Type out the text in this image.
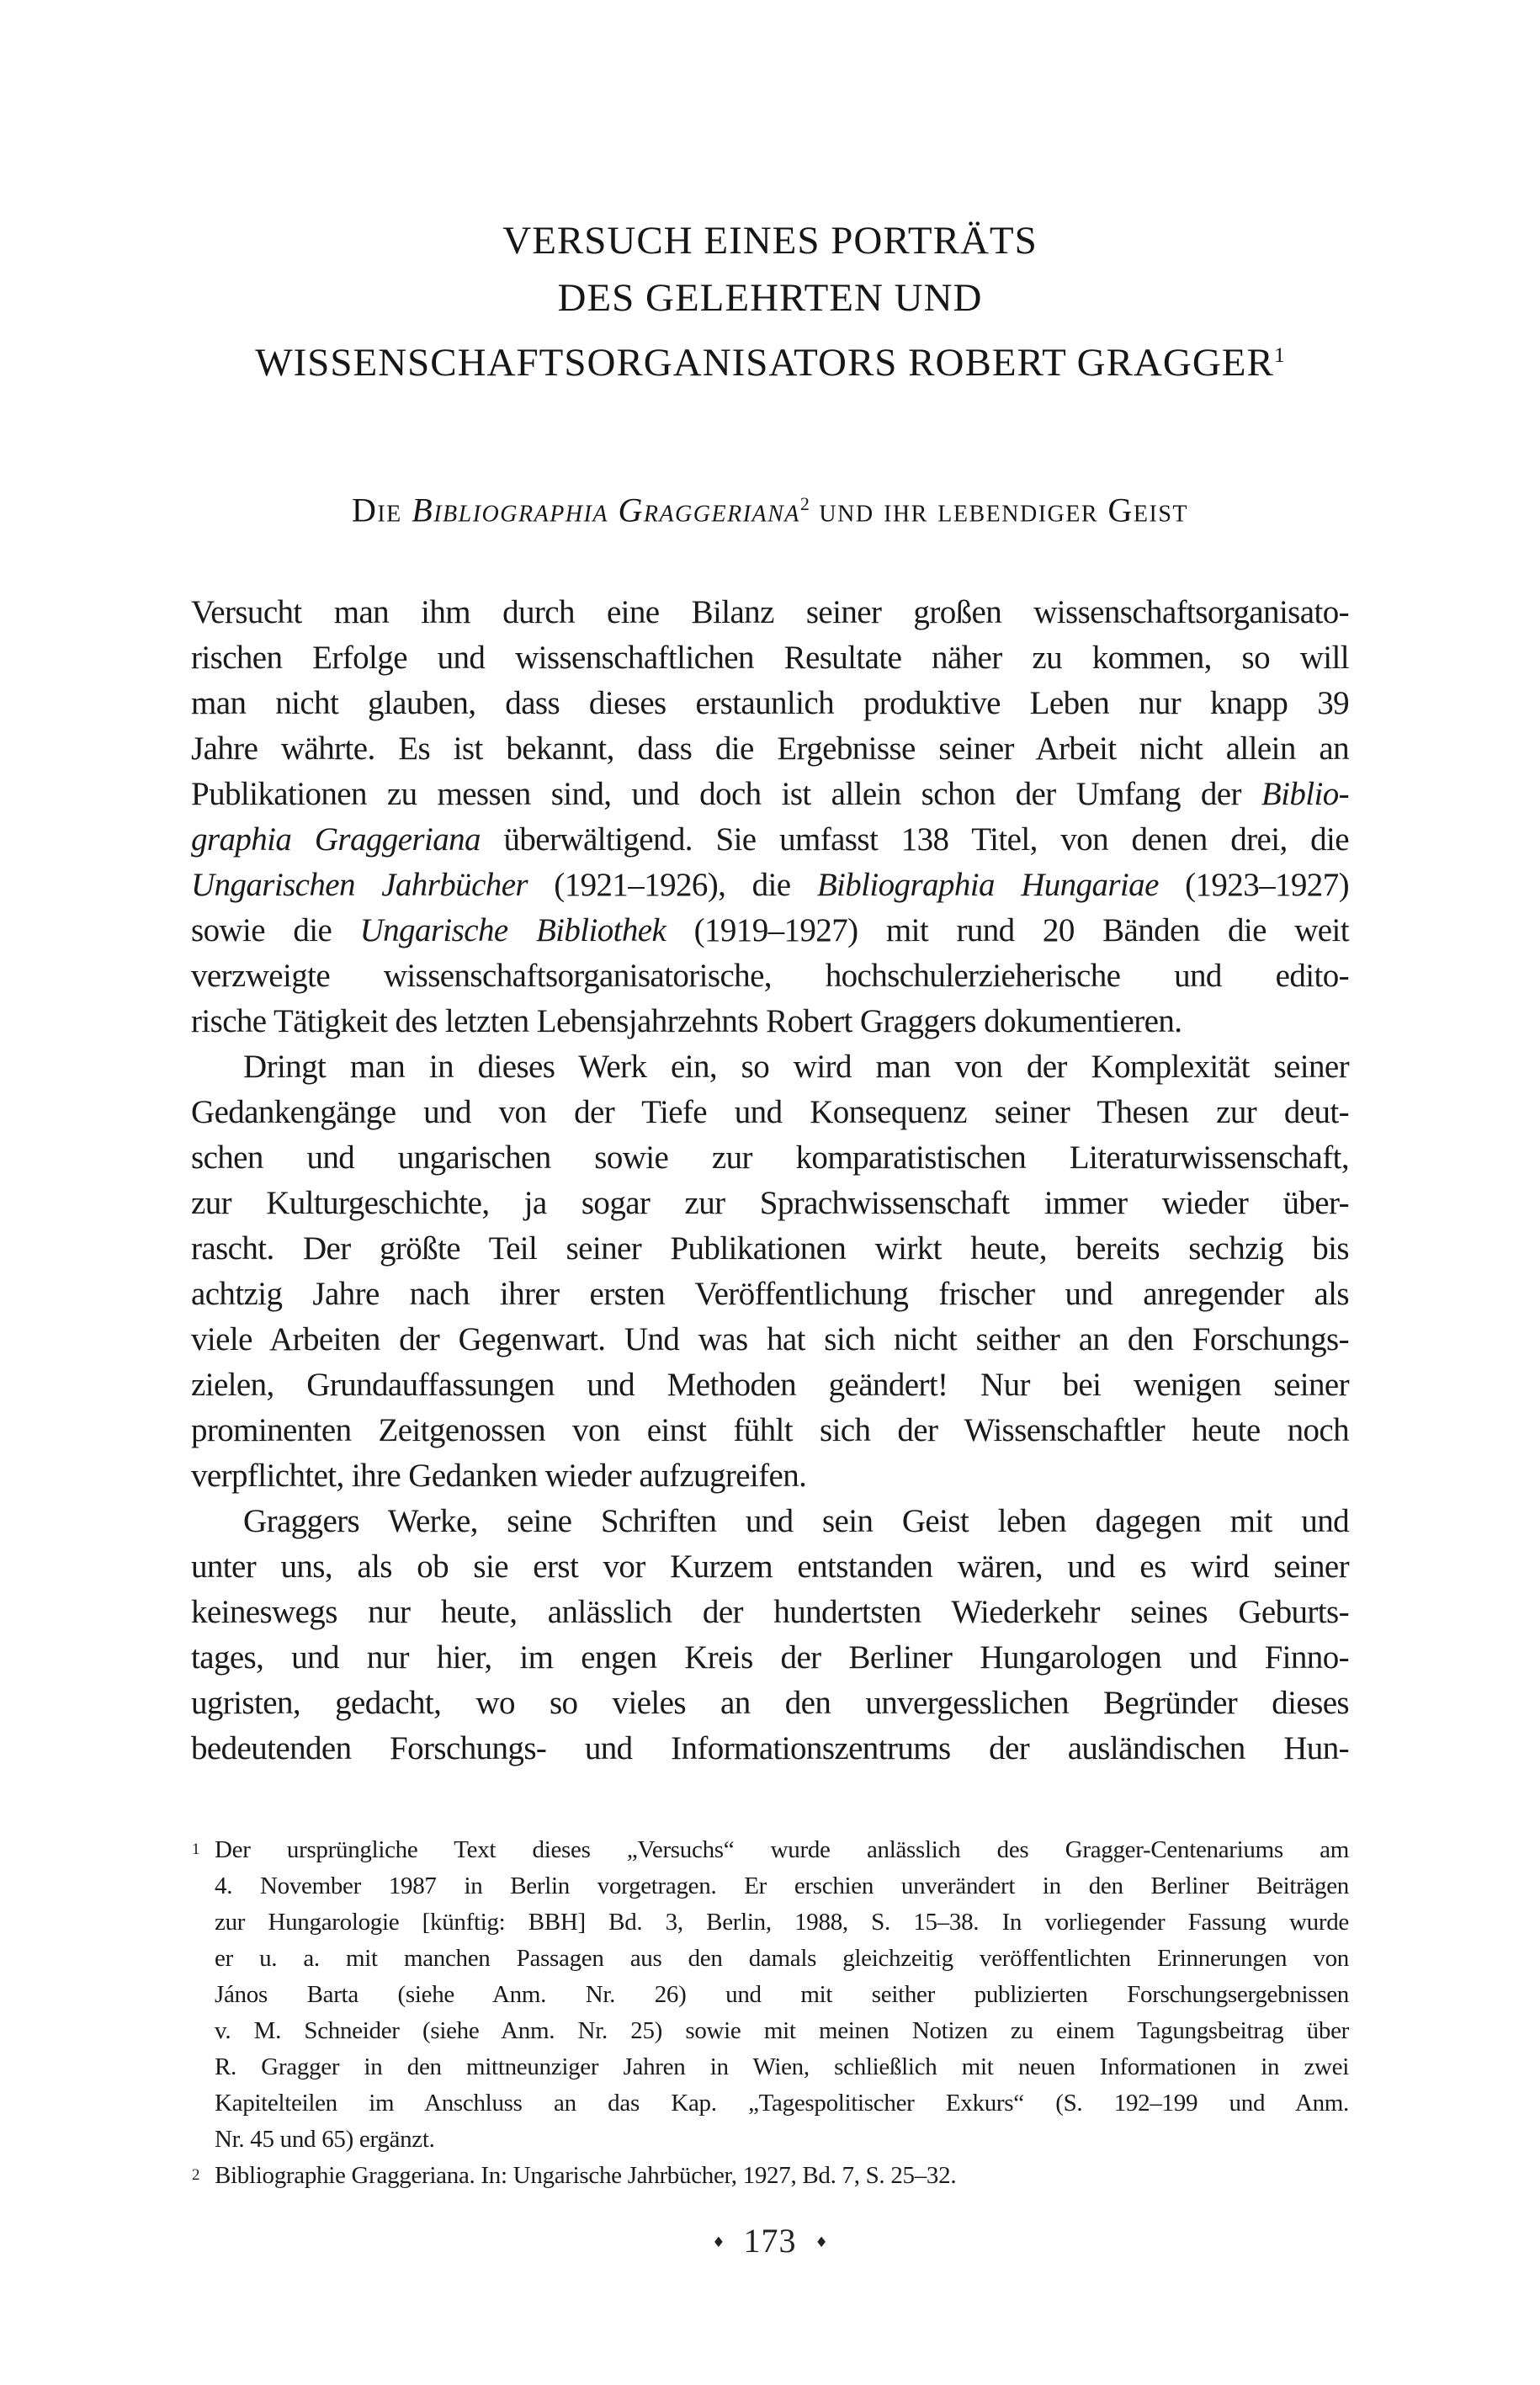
VERSUCH EINES PORTRÄTS
DES GELEHRTEN UND
WISSENSCHAFTSORGANISATORS ROBERT GRAGGER$^1$
Die Bibliographia Graggeriana$^2$ und ihr lebendiger Geist
Versucht man ihm durch eine Bilanz seiner großen wissenschaftsorganisato-
rischen Erfolge und wissenschaftlichen Resultate näher zu kommen, so will
man nicht glauben, dass dieses erstaunlich produktive Leben nur knapp 39
Jahre währte. Es ist bekannt, dass die Ergebnisse seiner Arbeit nicht allein an
Publikationen zu messen sind, und doch ist allein schon der Umfang der Biblio-
graphia Graggeriana überwältigend. Sie umfasst 138 Titel, von denen drei, die
Ungarischen Jahrbücher (1921–1926), die Bibliographia Hungariae (1923–1927)
sowie die Ungarische Bibliothek (1919–1927) mit rund 20 Bänden die weit
verzweigte wissenschaftsorganisatorische, hochschulerzieherische und edito-
rische Tätigkeit des letzten Lebensjahrzehnts Robert Graggers dokumentieren.
Dringt man in dieses Werk ein, so wird man von der Komplexität seiner
Gedankengänge und von der Tiefe und Konsequenz seiner Thesen zur deut-
schen und ungarischen sowie zur komparatistischen Literaturwissenschaft,
zur Kulturgeschichte, ja sogar zur Sprachwissenschaft immer wieder über-
rascht. Der größte Teil seiner Publikationen wirkt heute, bereits sechzig bis
achtzig Jahre nach ihrer ersten Veröffentlichung frischer und anregender als
viele Arbeiten der Gegenwart. Und was hat sich nicht seither an den Forschungs-
zielen, Grundauffassungen und Methoden geändert! Nur bei wenigen seiner
prominenten Zeitgenossen von einst fühlt sich der Wissenschaftler heute noch
verpflichtet, ihre Gedanken wieder aufzugreifen.
Graggers Werke, seine Schriften und sein Geist leben dagegen mit und
unter uns, als ob sie erst vor Kurzem entstanden wären, und es wird seiner
keineswegs nur heute, anlässlich der hundertsten Wiederkehr seines Geburts-
tages, und nur hier, im engen Kreis der Berliner Hungarologen und Finno-
ugristen, gedacht, wo so vieles an den unvergesslichen Begründer dieses
bedeutenden Forschungs- und Informationszentrums der ausländischen Hun-
1 Der ursprüngliche Text dieses „Versuchs“ wurde anlässlich des Gragger-Centenariums am
4. November 1987 in Berlin vorgetragen. Er erschien unverändert in den Berliner Beiträgen
zur Hungarologie [künftig: BBH] Bd. 3, Berlin, 1988, S. 15–38. In vorliegender Fassung wurde
er u. a. mit manchen Passagen aus den damals gleichzeitig veröffentlichten Erinnerungen von
János Barta (siehe Anm. Nr. 26) und mit seither publizierten Forschungsergebnissen
v. M. Schneider (siehe Anm. Nr. 25) sowie mit meinen Notizen zu einem Tagungsbeitrag über
R. Gragger in den mittneunziger Jahren in Wien, schließlich mit neuen Informationen in zwei
Kapitelteilen im Anschluss an das Kap. „Tagespolitischer Exkurs“ (S. 192–199 und Anm.
Nr. 45 und 65) ergänzt.
2 Bibliographie Graggeriana. In: Ungarische Jahrbücher, 1927, Bd. 7, S. 25–32.
♦ 173 ♦
